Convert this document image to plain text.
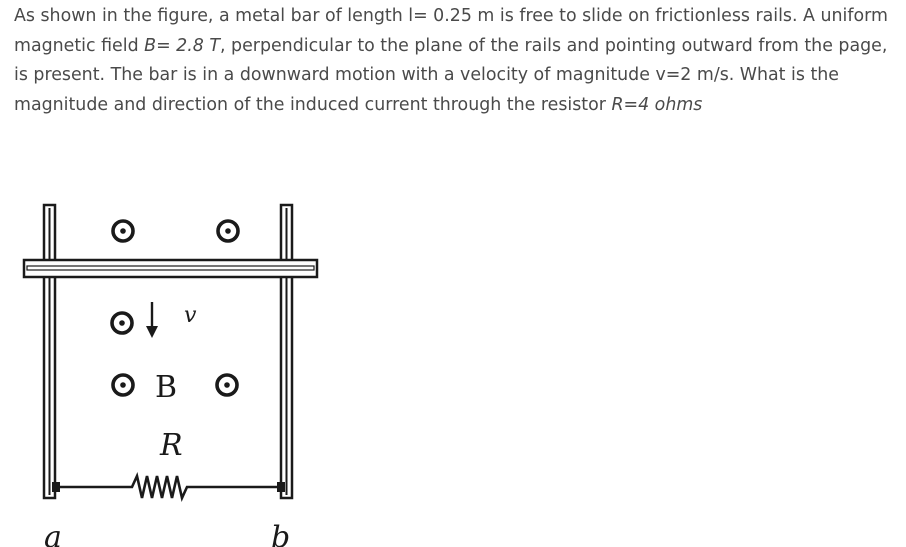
As shown in the figure, a metal bar of length l= 0.25 m is free to slide on frictionless rails. A uniform magnetic field B= 2.8 T, perpendicular to the plane of the rails and pointing outward from the page, is present. The bar is in a downward motion with a velocity of magnitude v=2 m/s. What is the magnitude and direction of the induced current through the resistor R=4 ohms

v
B
R
a	b
